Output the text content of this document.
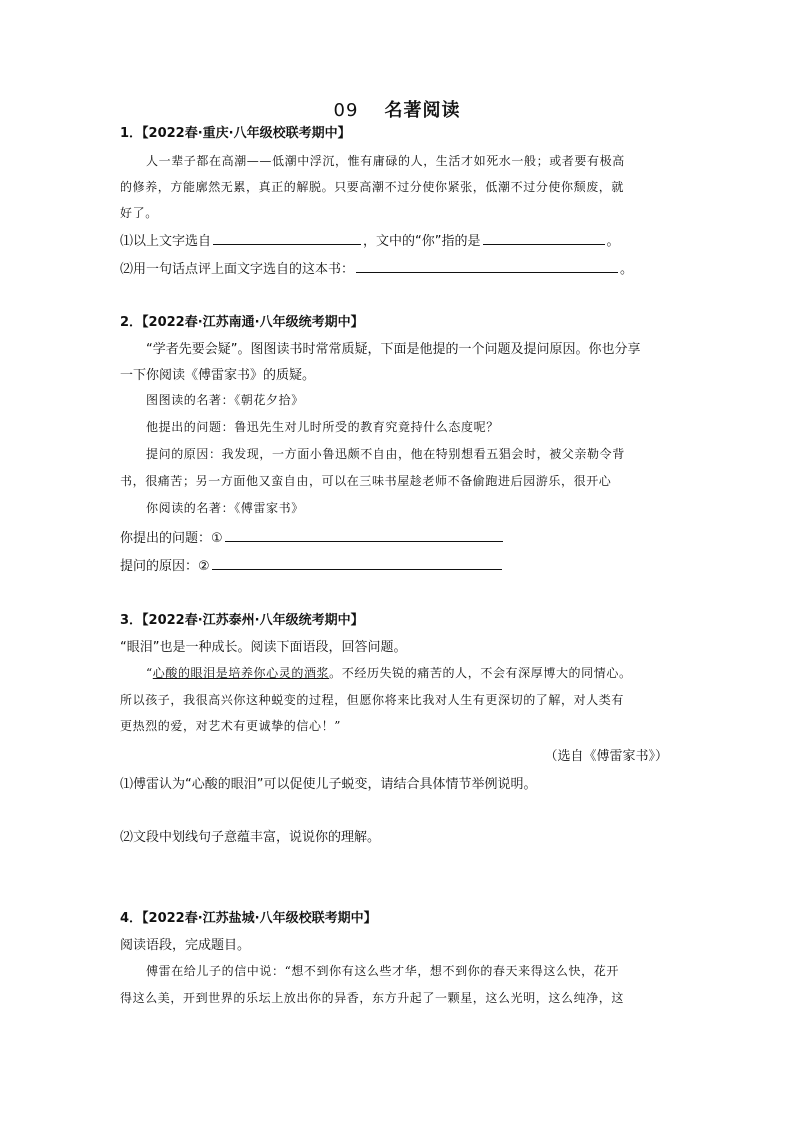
09 名著阅读
1．【2022春·重庆·八年级校联考期中】
人一辈子都在高潮——低潮中浮沉，惟有庸碌的人，生活才如死水一般；或者要有极高
的修养，方能廓然无累，真正的解脱。只要高潮不过分使你紧张，低潮不过分使你颓废，就
好了。
⑴以上文字选自	，文中的“你”指的是	。
⑵用一句话点评上面文字选自的这本书：	。
2．【2022春·江苏南通·八年级统考期中】
“学者先要会疑”。图图读书时常常质疑，下面是他提的一个问题及提问原因。你也分享
一下你阅读《傅雷家书》的质疑。
图图读的名著：《朝花夕拾》
他提出的问题：鲁迅先生对儿时所受的教育究竟持什么态度呢？
提问的原因：我发现，一方面小鲁迅颇不自由，他在特别想看五猖会时，被父亲勒令背
书，很痛苦；另一方面他又蛮自由，可以在三味书屋趁老师不备偷跑进后园游乐，很开心
你阅读的名著：《傅雷家书》
你提出的问题：①
提问的原因：②
3．【2022春·江苏泰州·八年级统考期中】
“眼泪”也是一种成长。阅读下面语段，回答问题。
“心酸的眼泪是培养你心灵的酒浆。不经历失锐的痛苦的人，不会有深厚博大的同情心。
所以孩子，我很高兴你这种蜕变的过程，但愿你将来比我对人生有更深切的了解，对人类有
更热烈的爱，对艺术有更诚挚的信心！”
（选自《傅雷家书》）
⑴傅雷认为“心酸的眼泪”可以促使儿子蜕变，请结合具体情节举例说明。
⑵文段中划线句子意蕴丰富，说说你的理解。
4．【2022春·江苏盐城·八年级校联考期中】
阅读语段，完成题目。
傅雷在给儿子的信中说：“想不到你有这么些才华，想不到你的春天来得这么快，花开
得这么美，开到世界的乐坛上放出你的异香，东方升起了一颗星，这么光明，这么纯净，这
